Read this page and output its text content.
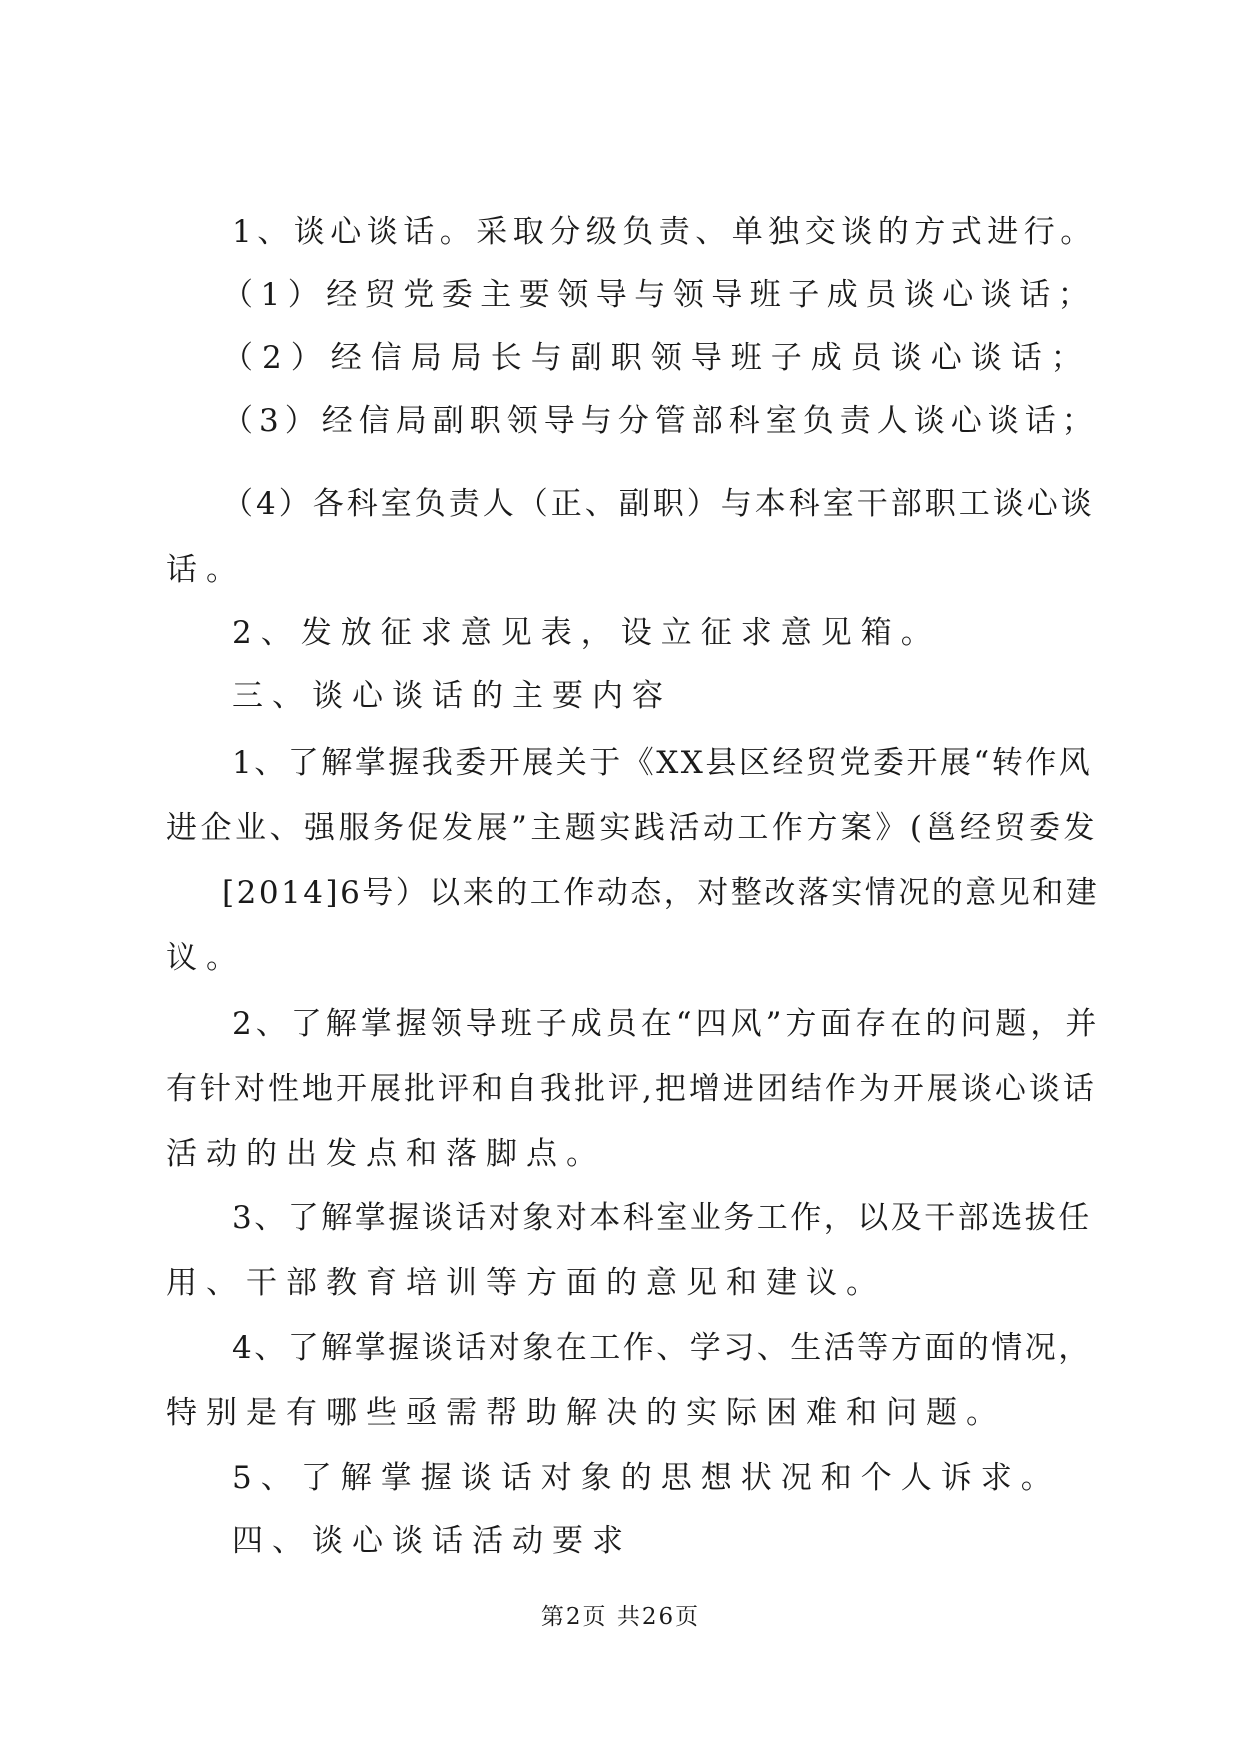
1、谈心谈话。采取分级负责、单独交谈的方式进行。
（1）经贸党委主要领导与领导班子成员谈心谈话；
（2）经信局局长与副职领导班子成员谈心谈话；
（3）经信局副职领导与分管部科室负责人谈心谈话；
（4）各科室负责人（正、副职）与本科室干部职工谈心谈
话。
2、发放征求意见表，设立征求意见箱。
三、谈心谈话的主要内容
1、了解掌握我委开展关于《XX县区经贸党委开展“转作风
进企业、强服务促发展”主题实践活动工作方案》(邕经贸委发
[2014]6号）以来的工作动态，对整改落实情况的意见和建
议。
2、了解掌握领导班子成员在“四风”方面存在的问题，并
有针对性地开展批评和自我批评,把增进团结作为开展谈心谈话
活动的出发点和落脚点。
3、了解掌握谈话对象对本科室业务工作，以及干部选拔任
用、干部教育培训等方面的意见和建议。
4、了解掌握谈话对象在工作、学习、生活等方面的情况，
特别是有哪些亟需帮助解决的实际困难和问题。
5、了解掌握谈话对象的思想状况和个人诉求。
四、谈心谈话活动要求
第2页 共26页
